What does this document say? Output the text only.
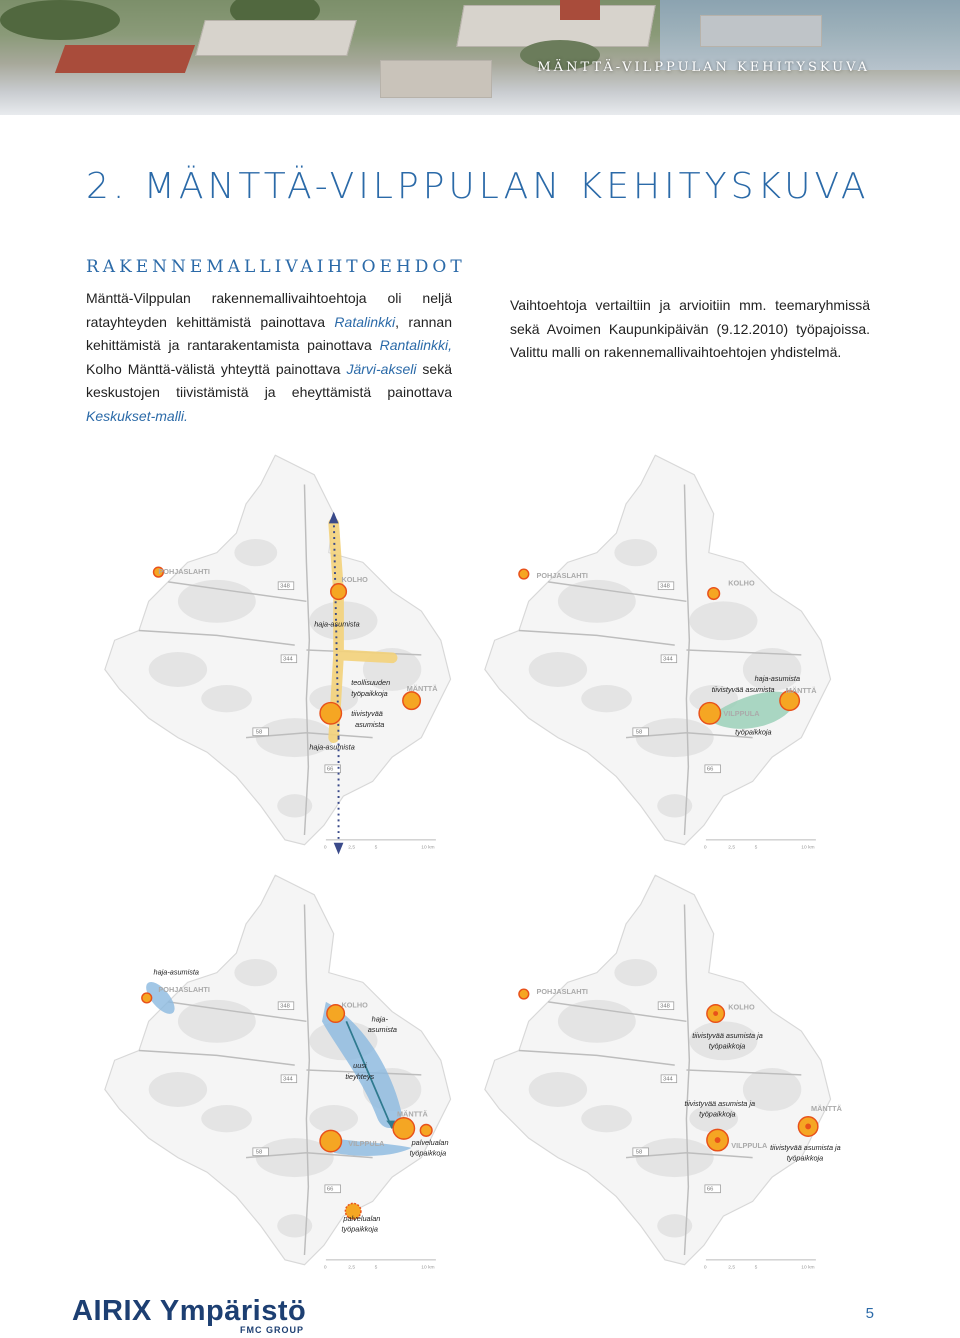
MÄNTTÄ-VILPPULAN KEHITYSKUVA
2. MÄNTTÄ-VILPPULAN KEHITYSKUVA
RAKENNEMALLIVAIHTOEHDOT
Mänttä-Vilppulan rakennemallivaihtoehtoja oli neljä ratayhteyden kehittämistä painottava Ratalinkki, rannan kehittämistä ja rantarakentamista painottava Rantalinkki, Kolho Mänttä-välistä yhteyttä painottava Järvi-akseli sekä keskustojen tiivistämistä ja eheyttämistä painottava Keskukset-malli.
Vaihtoehtoja vertailtiin ja arvioitiin mm. teemaryhmissä sekä Avoimen Kaupunkipäivän (9.12.2010) työpajoissa. Valittu malli on rakennemallivaihtoehtojen yhdistelmä.
348
344
58
66
POHJASLAHTI
KOLHO
MÄNTTÄ
haja-asumista
teollisuuden
työpaikkoja
tiivistyvää
asumista
haja-asumista
0	2,5	5	10 km
348
344
58
66
POHJASLAHTI
KOLHO
MÄNTTÄ
VILPPULA
haja-asumista
tiivistyvää asumista
työpaikkoja
0	2,5	5	10 km
348
344
58
66
POHJASLAHTI
KOLHO
MÄNTTÄ
VILPPULA
haja-asumista
haja-
asumista
uusi
tieyhteys
palvelualan
työpaikkoja
palvelualan
työpaikkoja
0	2,5	5	10 km
348
344
58
66
POHJASLAHTI
KOLHO
MÄNTTÄ
VILPPULA
tiivistyvää asumista ja
työpaikkoja
tiivistyvää asumista ja
työpaikkoja
tiivistyvää asumista ja
työpaikkoja
0	2,5	5	10 km
AIRIX Ympäristö
FMC GROUP
5
